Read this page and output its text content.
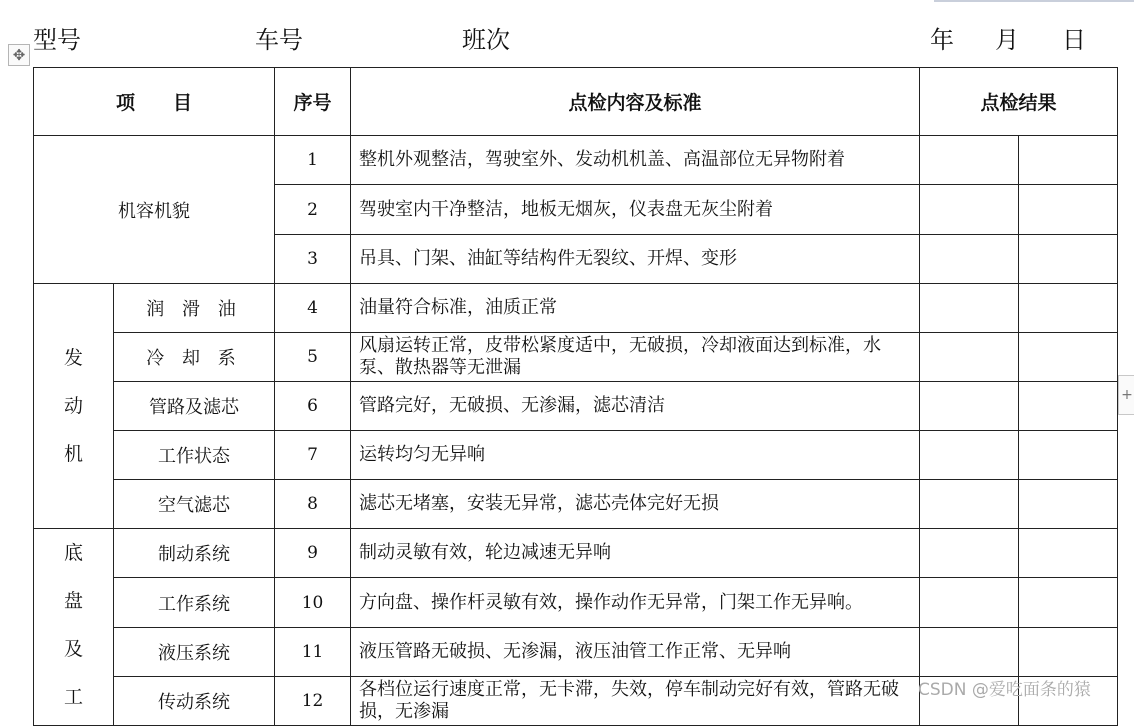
型号	车号	班次	年 月 日
✥
+
项　　目		序号	点检内容及标准	点检结果	
机容机貌		1	整机外观整洁，驾驶室外、发动机机盖、高温部位无异物附着		
		2	驾驶室内干净整洁，地板无烟灰，仪表盘无灰尘附着		
		3	吊具、门架、油缸等结构件无裂纹、开焊、变形		

发
动
机	润 滑 油	4	油量符合标准，油质正常		
	冷 却 系	5	风扇运转正常，皮带松紧度适中，无破损，冷却液面达到标准，水泵、散热器等无泄漏		
	管路及滤芯	6	管路完好，无破损、无渗漏，滤芯清洁		
	工作状态	7	运转均匀无异响		
	空气滤芯	8	滤芯无堵塞，安装无异常，滤芯壳体完好无损		

底
盘
及
工	制动系统	9	制动灵敏有效，轮边减速无异响		
	工作系统	10	方向盘、操作杆灵敏有效，操作动作无异常，门架工作无异响。		
	液压系统	11	液压管路无破损、无渗漏，液压油管工作正常、无异响		
	传动系统	12	各档位运行速度正常，无卡滞，失效，停车制动完好有效，管路无破损，无渗漏		
CSDN @爱吃面条的猿
